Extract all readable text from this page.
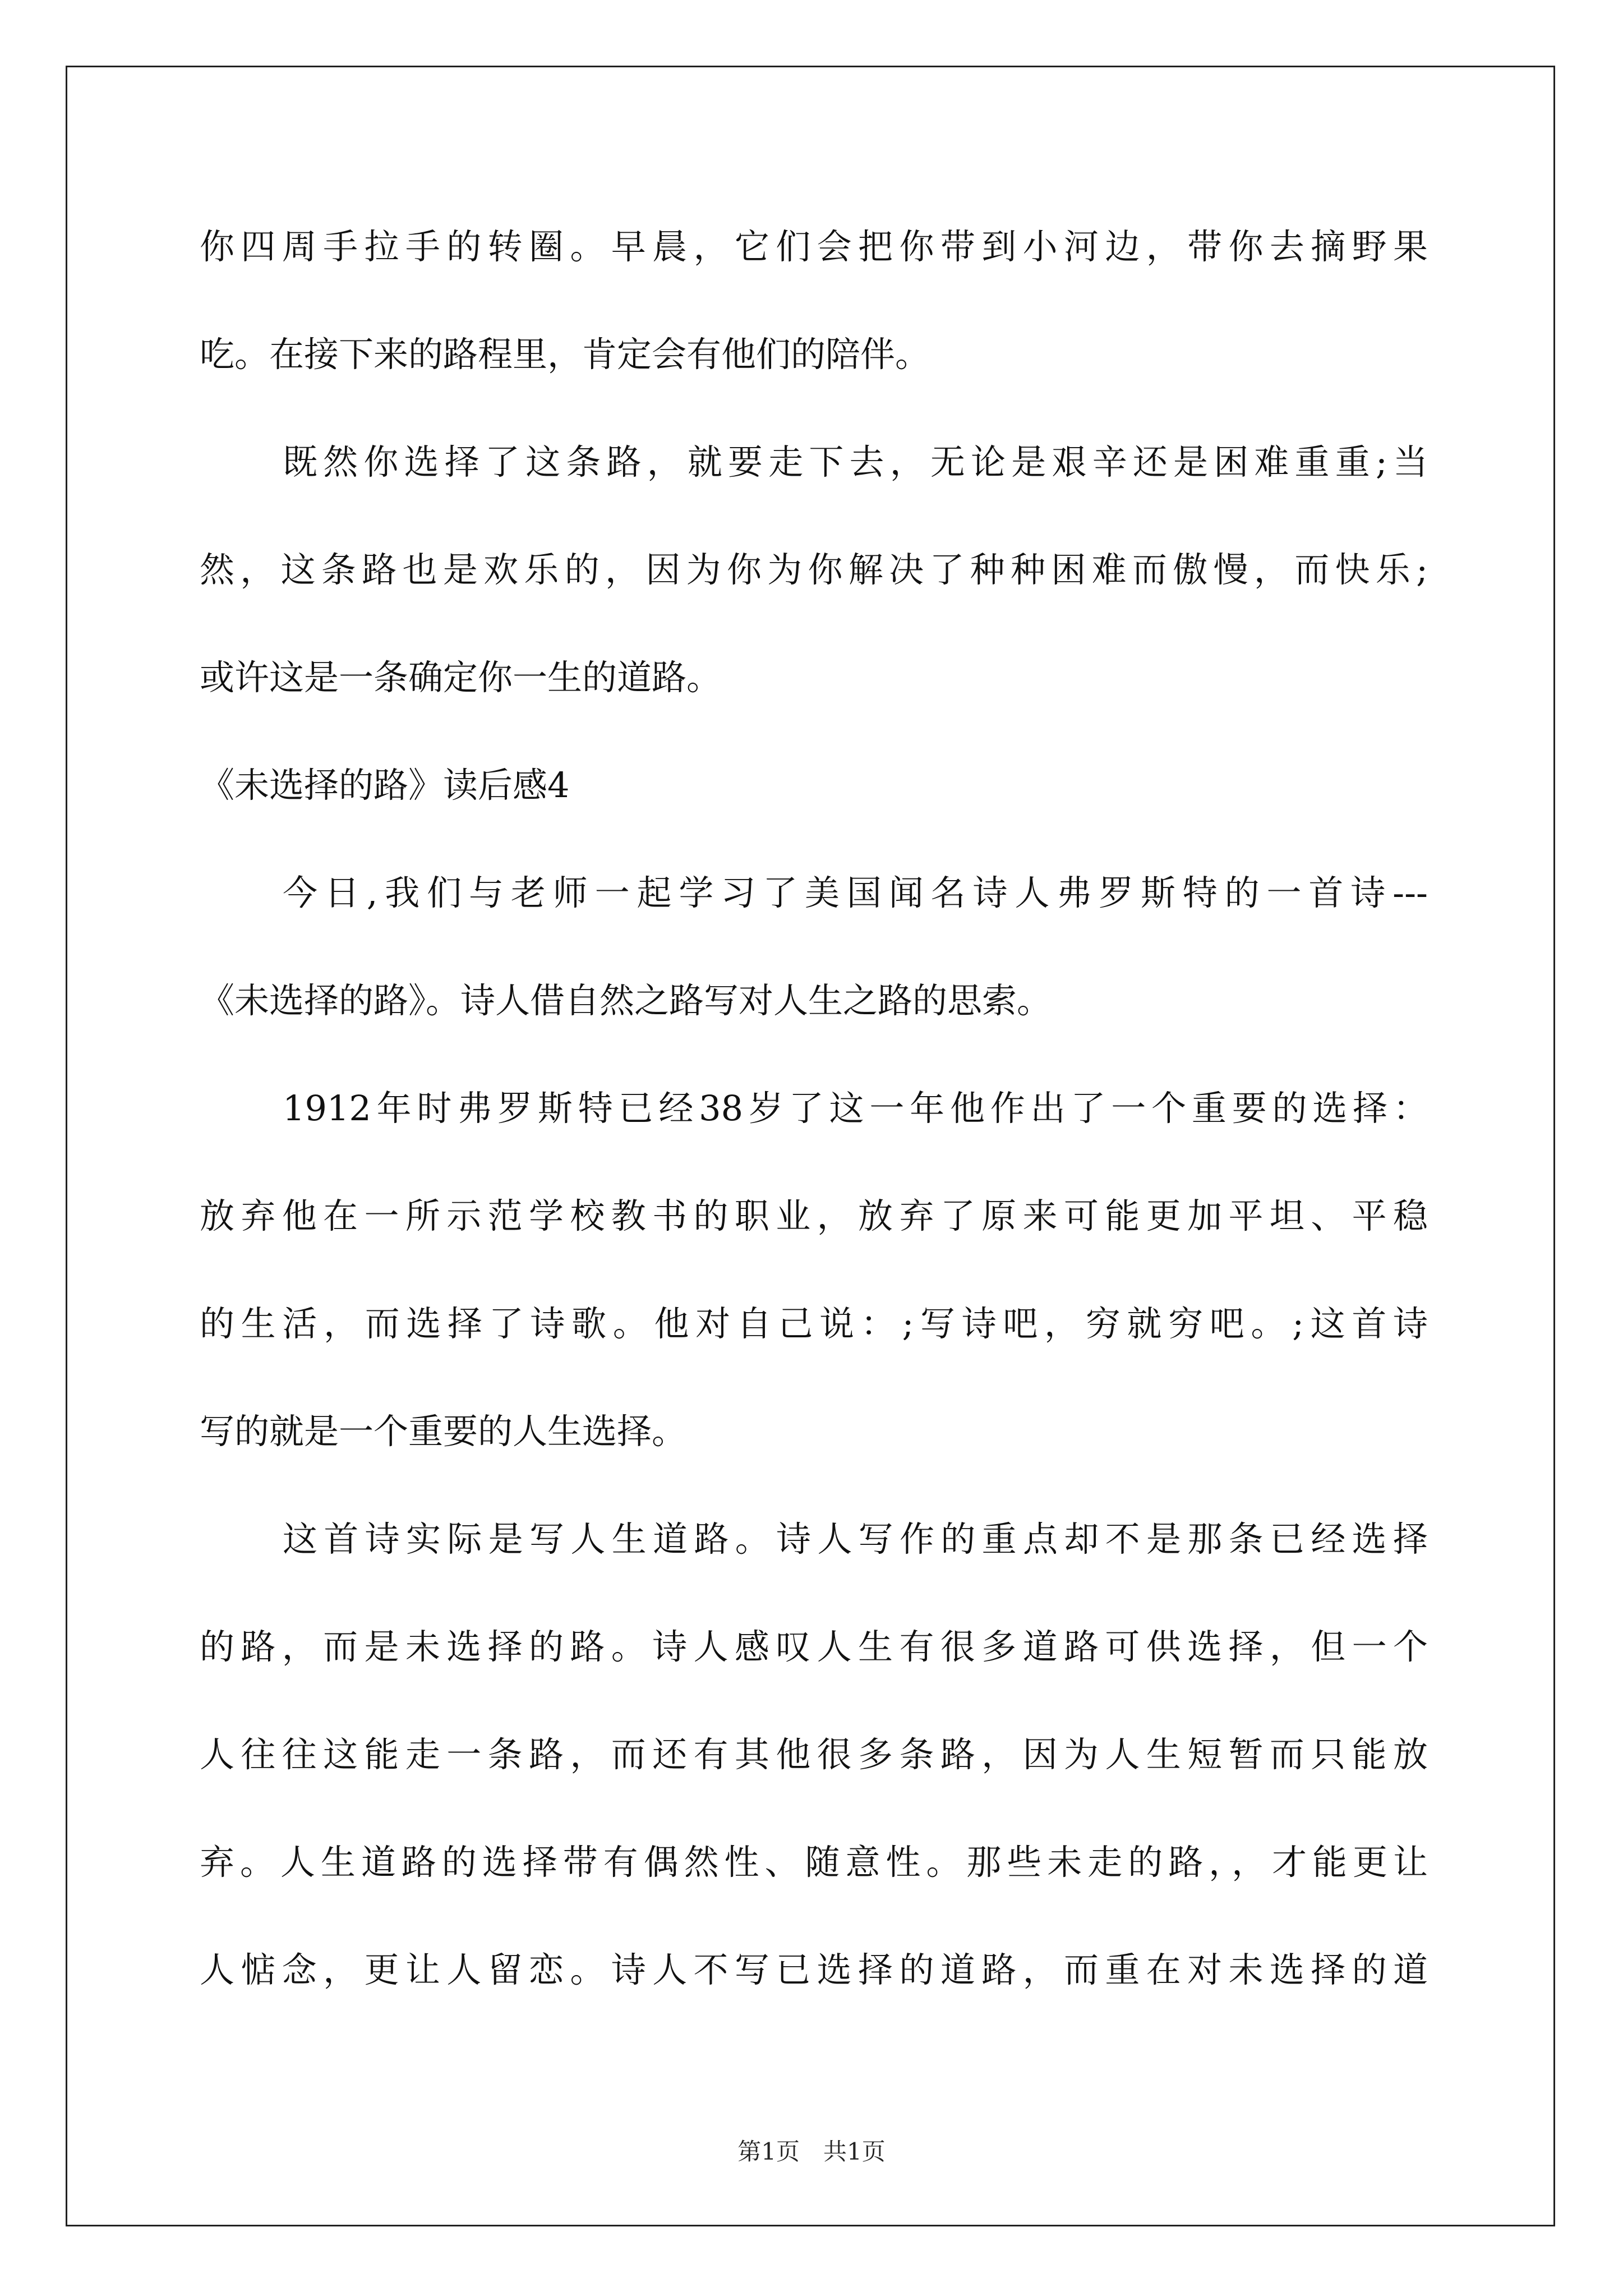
你四周手拉手的转圈。早晨，它们会把你带到小河边，带你去摘野果
吃。在接下来的路程里，肯定会有他们的陪伴。
既然你选择了这条路，就要走下去，无论是艰辛还是困难重重;当
然，这条路也是欢乐的，因为你为你解决了种种困难而傲慢，而快乐;
或许这是一条确定你一生的道路。
《未选择的路》读后感4
今日,我们与老师一起学习了美国闻名诗人弗罗斯特的一首诗---
《未选择的路》。诗人借自然之路写对人生之路的思索。
1912年时弗罗斯特已经38岁了这一年他作出了一个重要的选择：
放弃他在一所示范学校教书的职业，放弃了原来可能更加平坦、平稳
的生活，而选择了诗歌。他对自己说：;写诗吧，穷就穷吧。;这首诗
写的就是一个重要的人生选择。
这首诗实际是写人生道路。诗人写作的重点却不是那条已经选择
的路，而是未选择的路。诗人感叹人生有很多道路可供选择，但一个
人往往这能走一条路，而还有其他很多条路，因为人生短暂而只能放
弃。人生道路的选择带有偶然性、随意性。那些未走的路，，才能更让
人惦念，更让人留恋。诗人不写已选择的道路，而重在对未选择的道
第1页　共1页
